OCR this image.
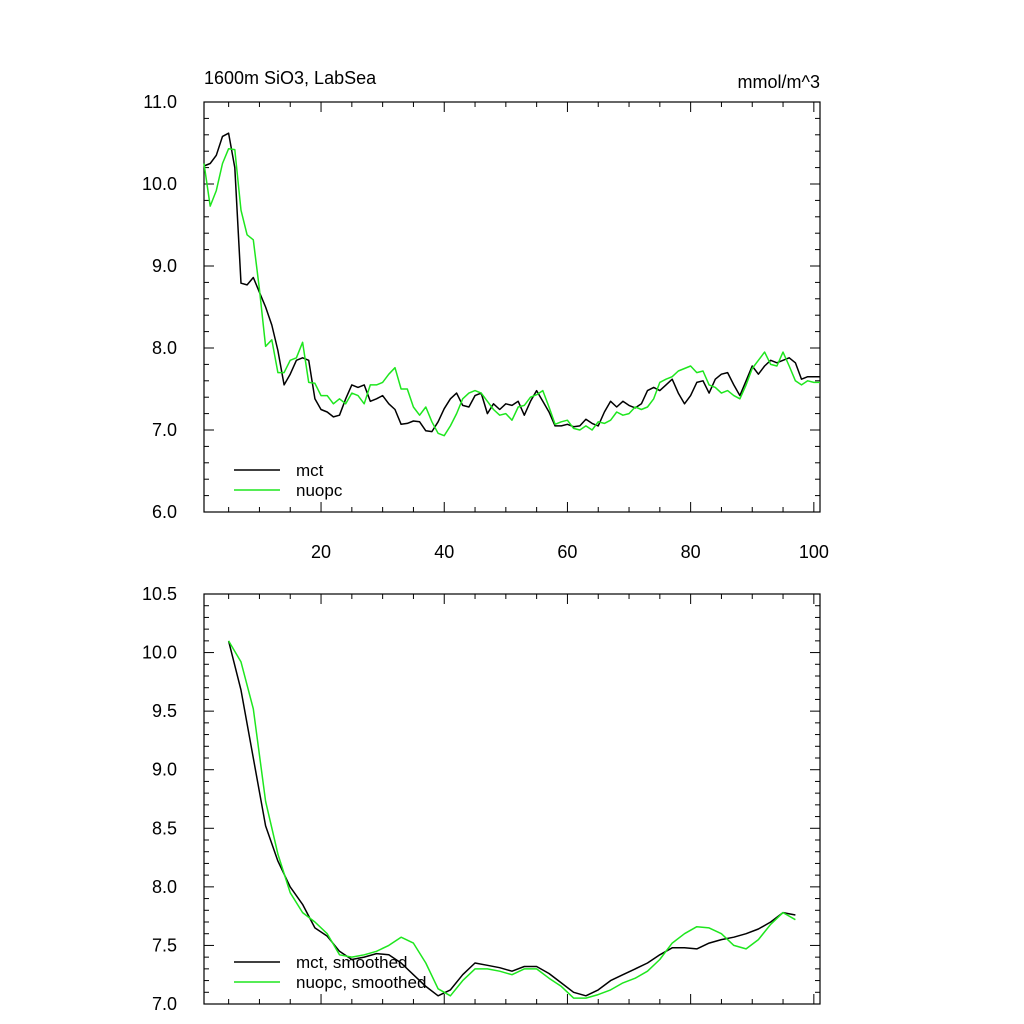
1600m SiO3, LabSea	mmol/m^3
6.0
7.0
8.0
9.0
10.0
11.0
20	40	60	80	100
mct
nuopc
7.0
7.5
8.0
8.5
9.0
9.5
10.0
10.5
mct, smoothed
nuopc, smoothed
